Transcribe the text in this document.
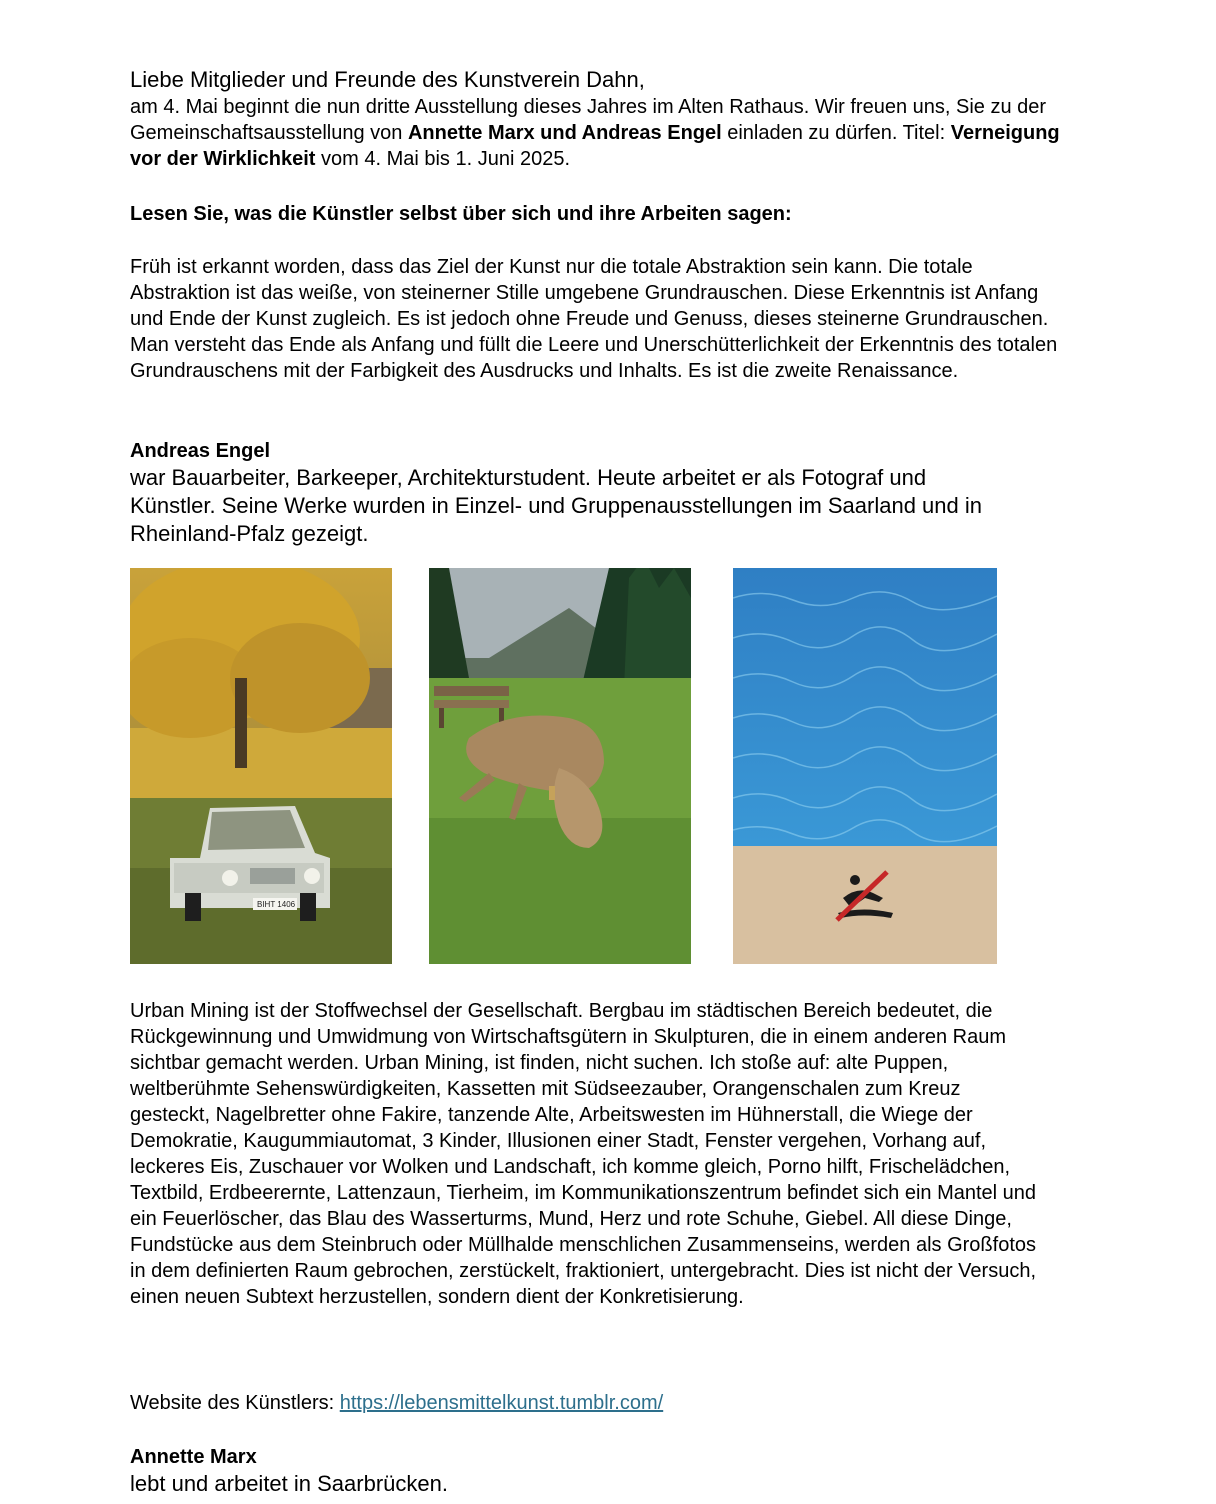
Liebe Mitglieder und Freunde des Kunstverein Dahn,

am 4. Mai beginnt die nun dritte Ausstellung dieses Jahres im Alten Rathaus. Wir freuen uns, Sie zu der Gemeinschaftsausstellung von Annette Marx und Andreas Engel einladen zu dürfen. Titel: Verneigung vor der Wirklichkeit vom 4. Mai bis 1. Juni 2025.

Lesen Sie, was die Künstler selbst über sich und ihre Arbeiten sagen:

Früh ist erkannt worden, dass das Ziel der Kunst nur die totale Abstraktion sein kann. Die totale Abstraktion ist das weiße, von steinerner Stille umgebene Grundrauschen. Diese Erkenntnis ist Anfang und Ende der Kunst zugleich. Es ist jedoch ohne Freude und Genuss, dieses steinerne Grundrauschen. Man versteht das Ende als Anfang und füllt die Leere und Unerschütterlichkeit der Erkenntnis des totalen Grundrauschens mit der Farbigkeit des Ausdrucks und Inhalts. Es ist die zweite Renaissance.

Andreas Engel

war Bauarbeiter, Barkeeper, Architekturstudent. Heute arbeitet er als Fotograf und Künstler. Seine Werke wurden in Einzel- und Gruppenausstellungen im Saarland und in Rheinland-Pfalz gezeigt.

BIHT 1406

Urban Mining ist der Stoffwechsel der Gesellschaft. Bergbau im städtischen Bereich bedeutet, die Rückgewinnung und Umwidmung von Wirtschaftsgütern in Skulpturen, die in einem anderen Raum sichtbar gemacht werden. Urban Mining, ist finden, nicht suchen. Ich stoße auf: alte Puppen, weltberühmte Sehenswürdigkeiten, Kassetten mit Südseezauber, Orangenschalen zum Kreuz gesteckt, Nagelbretter ohne Fakire, tanzende Alte, Arbeitswesten im Hühnerstall, die Wiege der Demokratie, Kaugummiautomat, 3 Kinder, Illusionen einer Stadt, Fenster vergehen, Vorhang auf, leckeres Eis, Zuschauer vor Wolken und Landschaft, ich komme gleich, Porno hilft, Frischelädchen, Textbild, Erdbeerernte, Lattenzaun, Tierheim, im Kommunikationszentrum befindet sich ein Mantel und ein Feuerlöscher, das Blau des Wasserturms, Mund, Herz und rote Schuhe, Giebel. All diese Dinge, Fundstücke aus dem Steinbruch oder Müllhalde menschlichen Zusammenseins, werden als Großfotos in dem definierten Raum gebrochen, zerstückelt, fraktioniert, untergebracht. Dies ist nicht der Versuch, einen neuen Subtext herzustellen, sondern dient der Konkretisierung.

Website des Künstlers: https://lebensmittelkunst.tumblr.com/

Annette Marx

lebt und arbeitet in Saarbrücken.
